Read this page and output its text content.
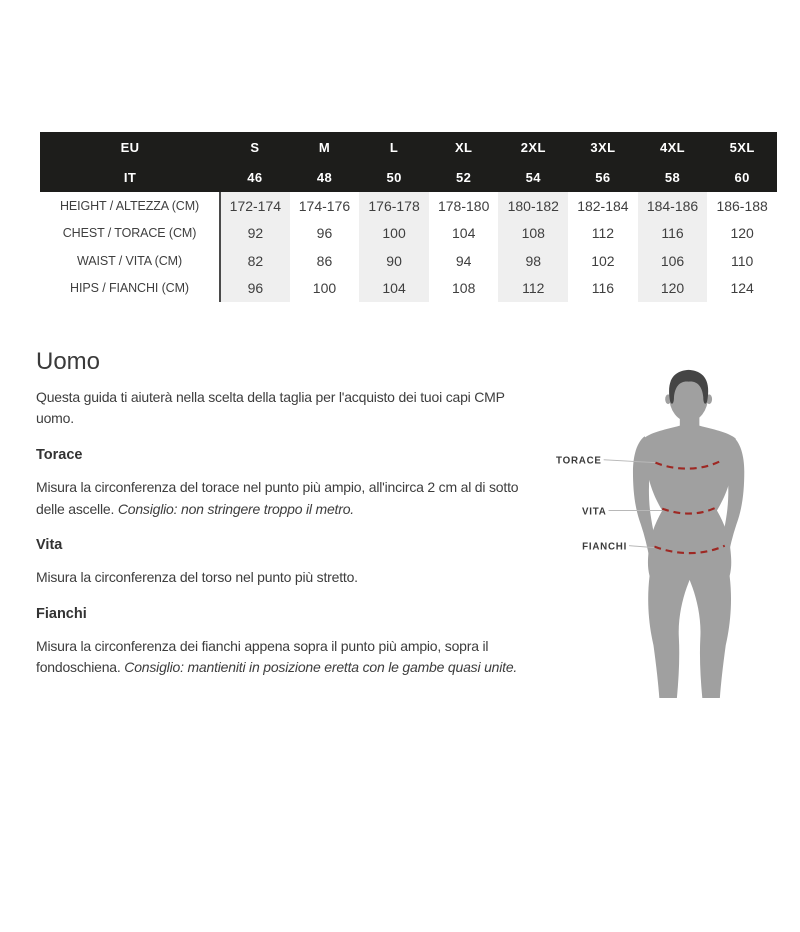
EU	S	M	L	XL	2XL	3XL	4XL	5XL
IT	46	48	50	52	54	56	58	60
HEIGHT / ALTEZZA (CM)	172-174	174-176	176-178	178-180	180-182	182-184	184-186	186-188
CHEST / TORACE (CM)	92	96	100	104	108	112	116	120
WAIST / VITA (CM)	82	86	90	94	98	102	106	110
HIPS / FIANCHI (CM)	96	100	104	108	112	116	120	124
Uomo

Questa guida ti aiuterà nella scelta della taglia per l'acquisto dei tuoi capi CMP uomo.

Torace

Misura la circonferenza del torace nel punto più ampio, all'incirca 2 cm al di sotto delle ascelle. Consiglio: non stringere troppo il metro.

Vita

Misura la circonferenza del torso nel punto più stretto.

Fianchi

Misura la circonferenza dei fianchi appena sopra il punto più ampio, sopra il fondoschiena. Consiglio: mantieniti in posizione eretta con le gambe quasi unite.

TORACE
VITA
FIANCHI
